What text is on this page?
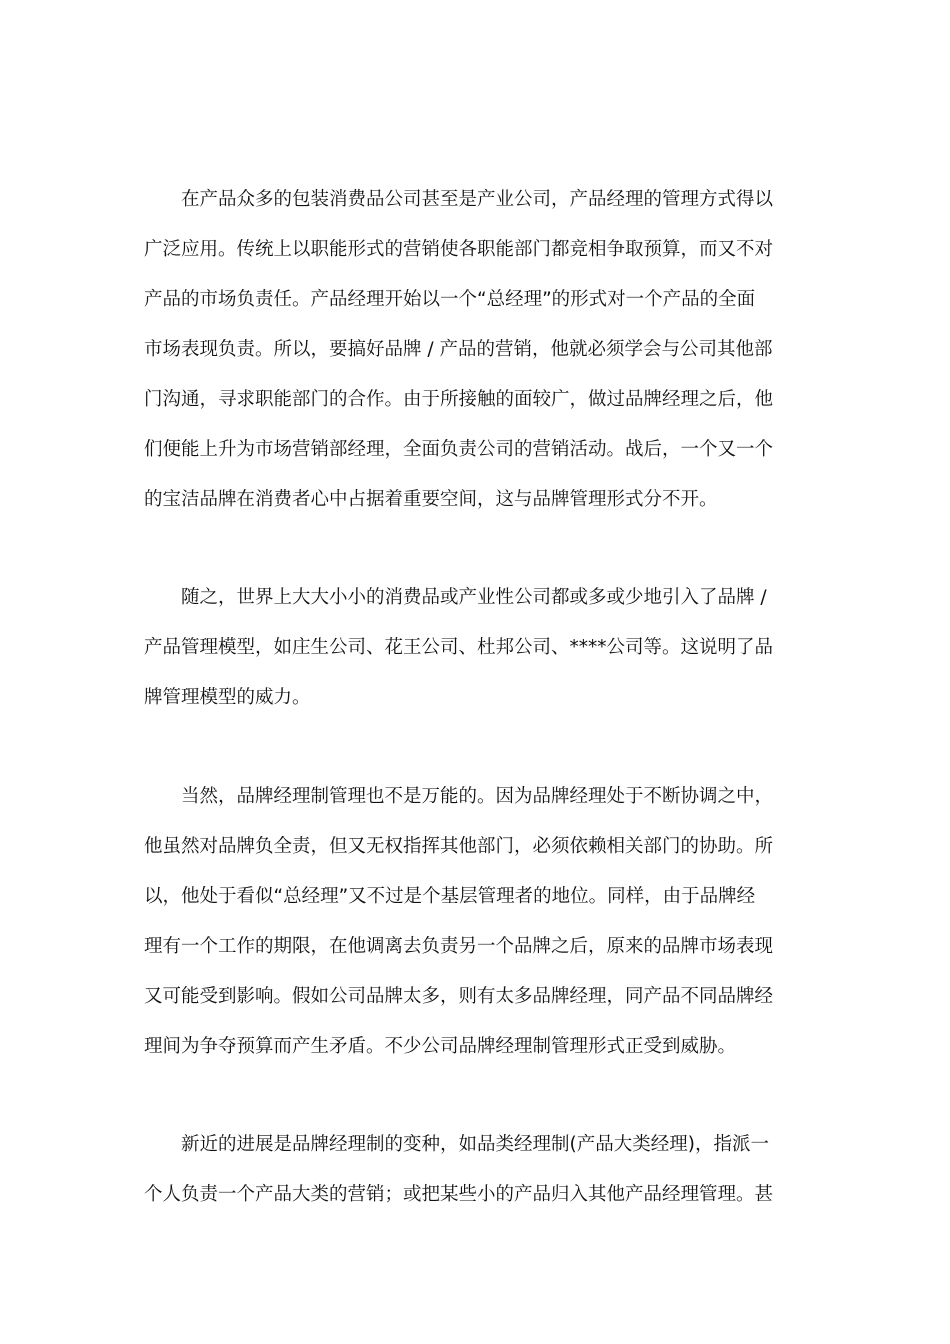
　　在产品众多的包装消费品公司甚至是产业公司，产品经理的管理方式得以
广泛应用。传统上以职能形式的营销使各职能部门都竞相争取预算，而又不对
产品的市场负责任。产品经理开始以一个“总经理”的形式对一个产品的全面
市场表现负责。所以，要搞好品牌 / 产品的营销，他就必须学会与公司其他部
门沟通，寻求职能部门的合作。由于所接触的面较广，做过品牌经理之后，他
们便能上升为市场营销部经理，全面负责公司的营销活动。战后，一个又一个
的宝洁品牌在消费者心中占据着重要空间，这与品牌管理形式分不开。
　　随之，世界上大大小小的消费品或产业性公司都或多或少地引入了品牌 /
产品管理模型，如庄生公司、花王公司、杜邦公司、****公司等。这说明了品
牌管理模型的威力。
　　当然，品牌经理制管理也不是万能的。因为品牌经理处于不断协调之中，
他虽然对品牌负全责，但又无权指挥其他部门，必须依赖相关部门的协助。所
以，他处于看似“总经理”又不过是个基层管理者的地位。同样，由于品牌经
理有一个工作的期限，在他调离去负责另一个品牌之后，原来的品牌市场表现
又可能受到影响。假如公司品牌太多，则有太多品牌经理，同产品不同品牌经
理间为争夺预算而产生矛盾。不少公司品牌经理制管理形式正受到威胁。
　　新近的进展是品牌经理制的变种，如品类经理制(产品大类经理)，指派一
个人负责一个产品大类的营销；或把某些小的产品归入其他产品经理管理。甚
